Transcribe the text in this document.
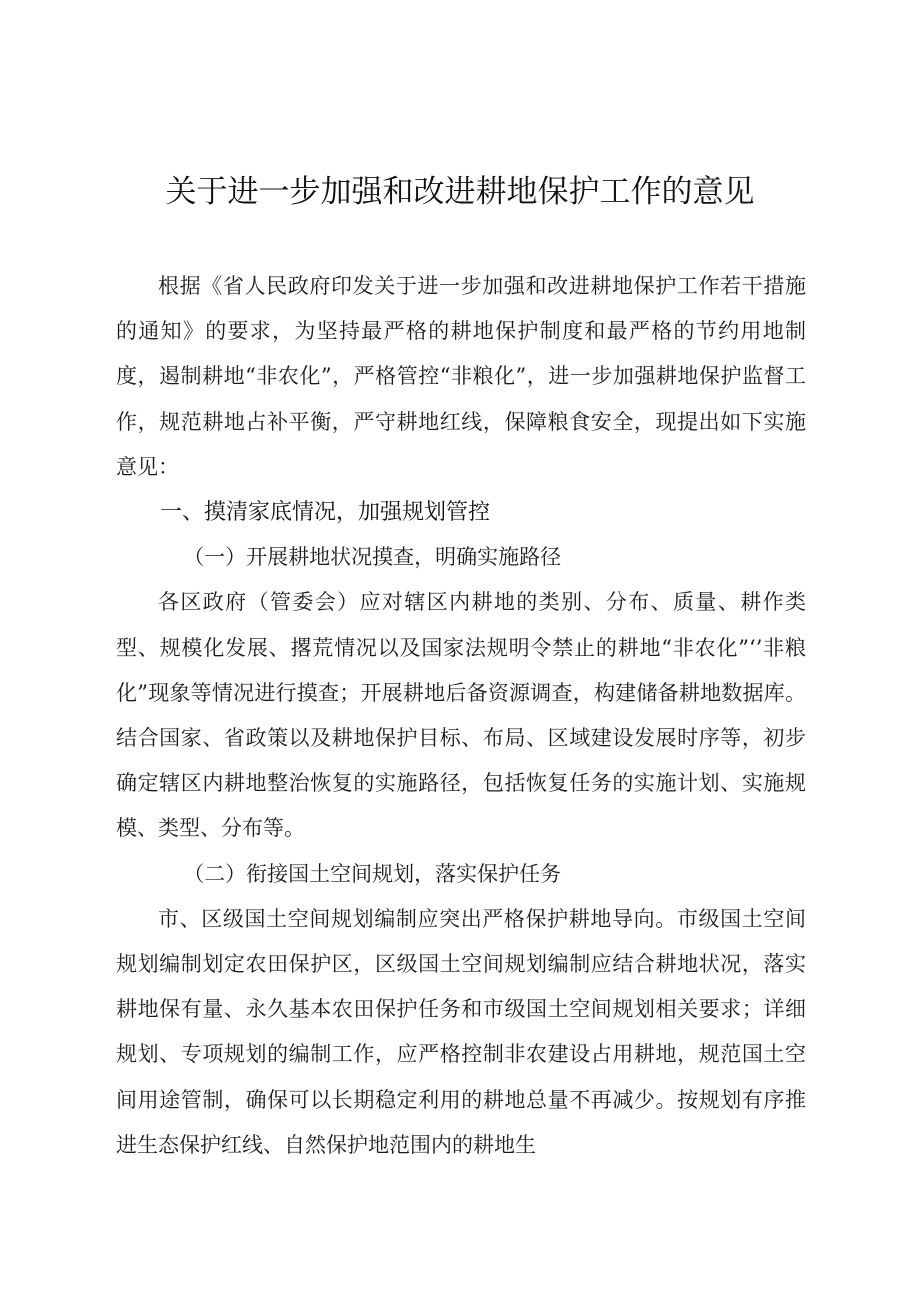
关于进一步加强和改进耕地保护工作的意见

根据《省人民政府印发关于进一步加强和改进耕地保护工作若干措施的通知》的要求，为坚持最严格的耕地保护制度和最严格的节约用地制度，遏制耕地“非农化”，严格管控“非粮化”，进一步加强耕地保护监督工作，规范耕地占补平衡，严守耕地红线，保障粮食安全，现提出如下实施意见：

一、摸清家底情况，加强规划管控

（一）开展耕地状况摸查，明确实施路径

各区政府（管委会）应对辖区内耕地的类别、分布、质量、耕作类型、规模化发展、撂荒情况以及国家法规明令禁止的耕地“非农化”‘’非粮化”现象等情况进行摸查；开展耕地后备资源调查，构建储备耕地数据库。结合国家、省政策以及耕地保护目标、布局、区域建设发展时序等，初步确定辖区内耕地整治恢复的实施路径，包括恢复任务的实施计划、实施规模、类型、分布等。

（二）衔接国土空间规划，落实保护任务

市、区级国土空间规划编制应突出严格保护耕地导向。市级国土空间规划编制划定农田保护区，区级国土空间规划编制应结合耕地状况，落实耕地保有量、永久基本农田保护任务和市级国土空间规划相关要求；详细规划、专项规划的编制工作，应严格控制非农建设占用耕地，规范国土空间用途管制，确保可以长期稳定利用的耕地总量不再减少。按规划有序推进生态保护红线、自然保护地范围内的耕地生
